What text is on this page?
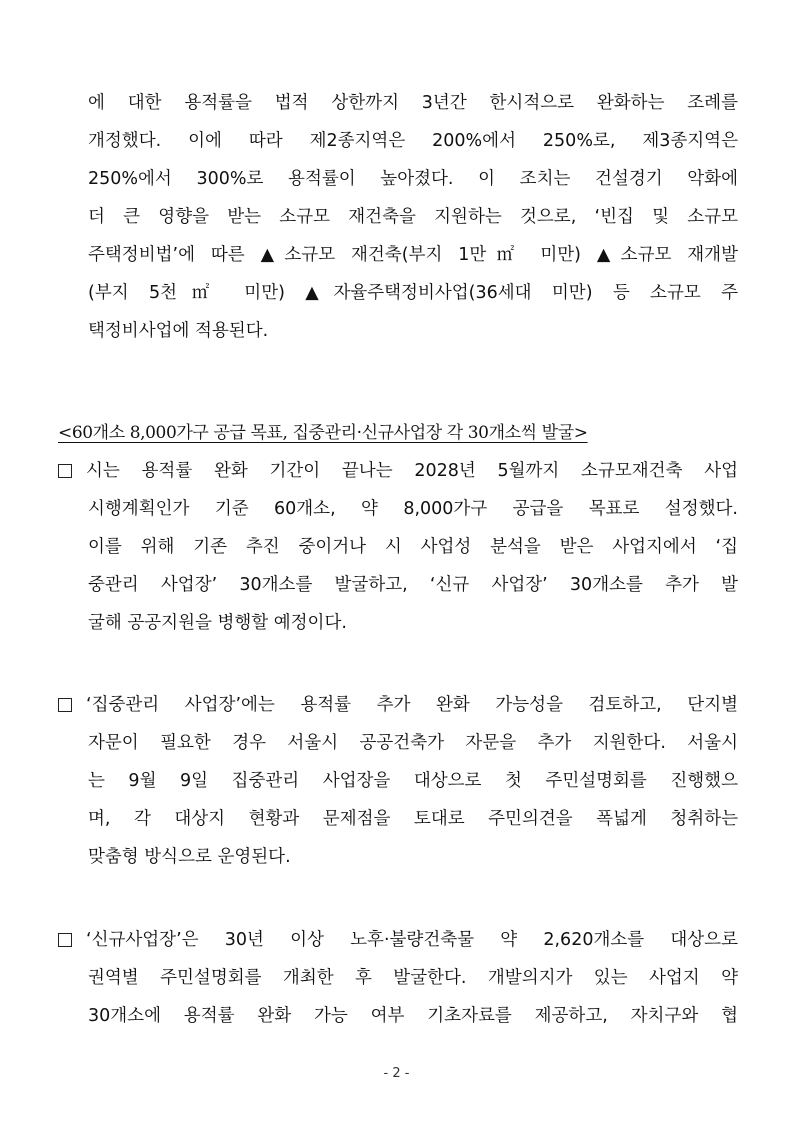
에 대한 용적률을 법적 상한까지 3년간 한시적으로 완화하는 조례를
개정했다. 이에 따라 제2종지역은 200%에서 250%로, 제3종지역은
250%에서 300%로 용적률이 높아졌다. 이 조치는 건설경기 악화에
더 큰 영향을 받는 소규모 재건축을 지원하는 것으로, ‘빈집 및 소규모
주택정비법’에 따른 ▲소규모 재건축(부지 1만㎡ 미만) ▲소규모 재개발
(부지 5천㎡ 미만) ▲자율주택정비사업(36세대 미만) 등 소규모 주
택정비사업에 적용된다.
<60개소 8,000가구 공급 목표, 집중관리·신규사업장 각 30개소씩 발굴>
시는 용적률 완화 기간이 끝나는 2028년 5월까지 소규모재건축 사업
시행계획인가 기준 60개소, 약 8,000가구 공급을 목표로 설정했다.
이를 위해 기존 추진 중이거나 시 사업성 분석을 받은 사업지에서 ‘집
중관리 사업장’ 30개소를 발굴하고, ‘신규 사업장’ 30개소를 추가 발
굴해 공공지원을 병행할 예정이다.
‘집중관리 사업장’에는 용적률 추가 완화 가능성을 검토하고, 단지별
자문이 필요한 경우 서울시 공공건축가 자문을 추가 지원한다. 서울시
는 9월 9일 집중관리 사업장을 대상으로 첫 주민설명회를 진행했으
며, 각 대상지 현황과 문제점을 토대로 주민의견을 폭넓게 청취하는
맞춤형 방식으로 운영된다.
‘신규사업장’은 30년 이상 노후·불량건축물 약 2,620개소를 대상으로
권역별 주민설명회를 개최한 후 발굴한다. 개발의지가 있는 사업지 약
30개소에 용적률 완화 가능 여부 기초자료를 제공하고, 자치구와 협
- 2 -
